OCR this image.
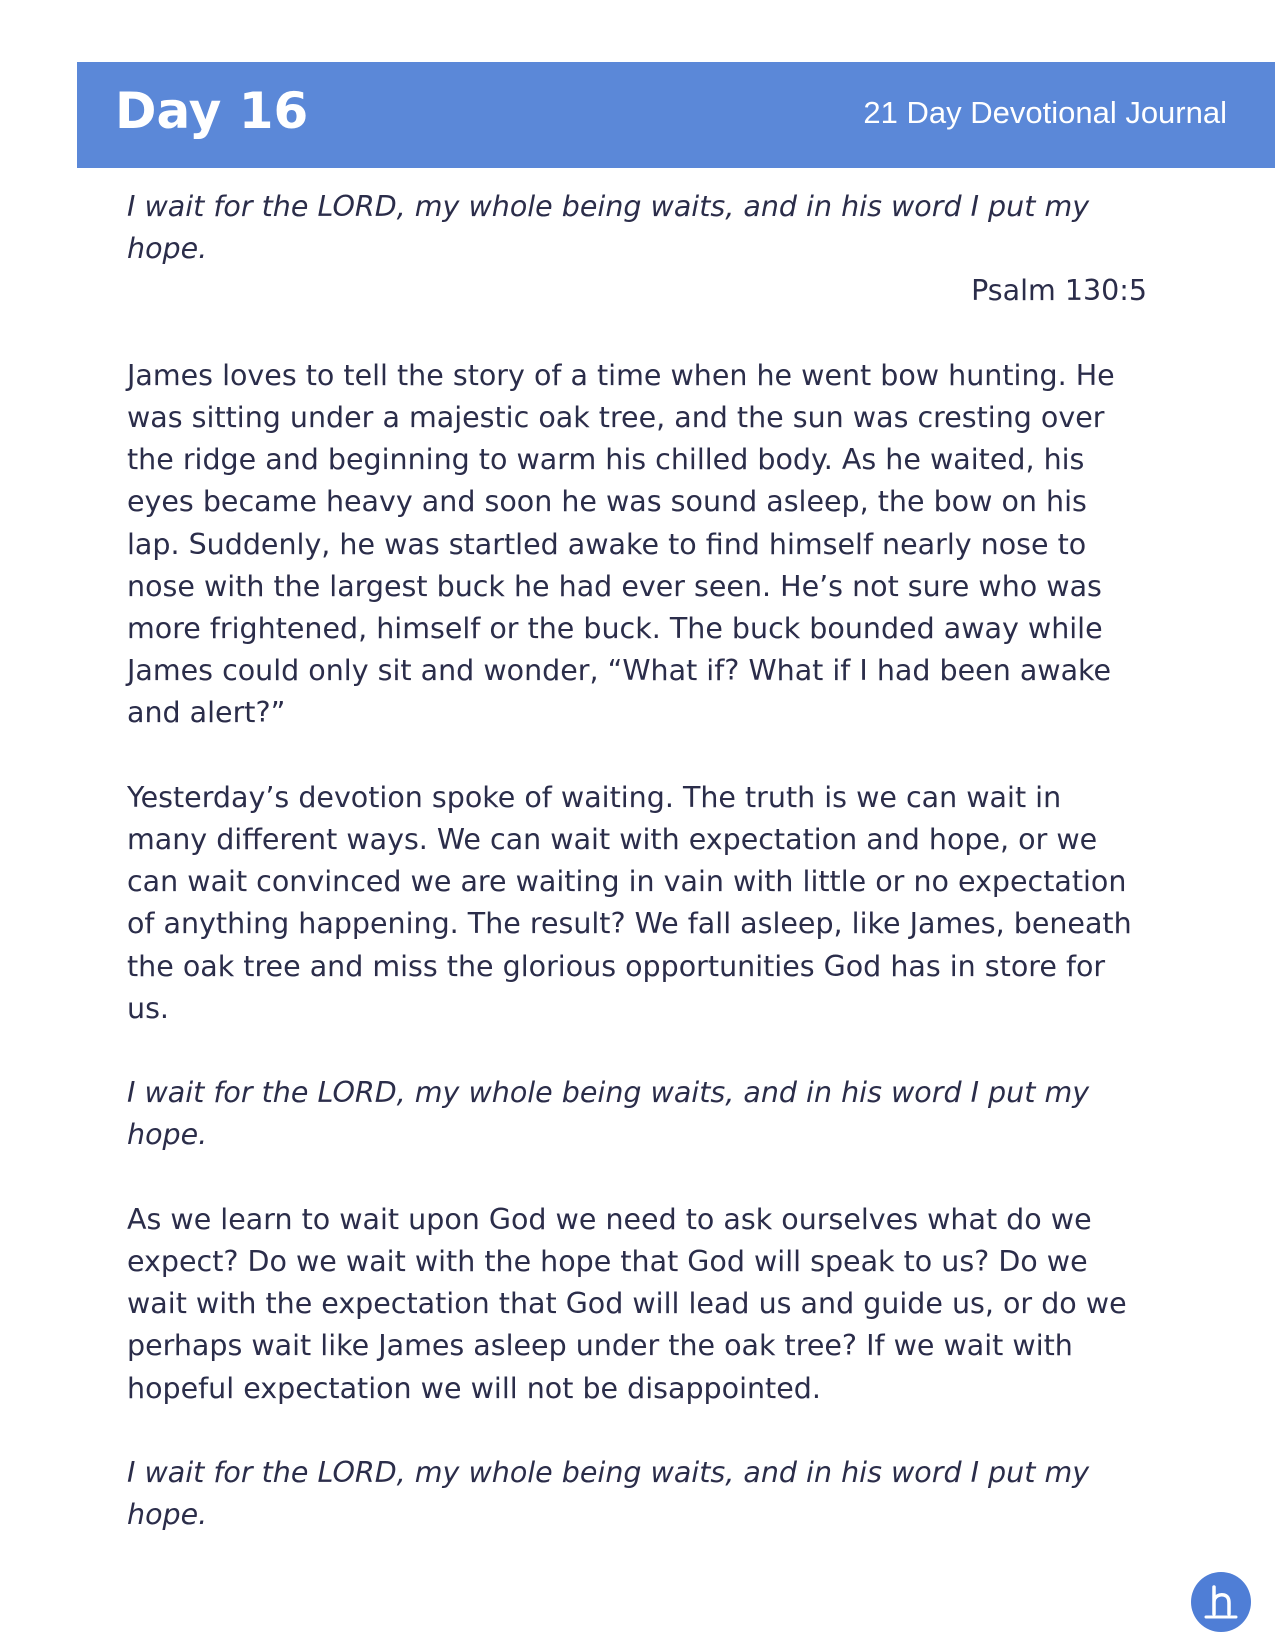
Day 16	21 Day Devotional Journal

I wait for the LORD, my whole being waits, and in his word I put my hope.

Psalm 130:5

James loves to tell the story of a time when he went bow hunting. He was sitting under a majestic oak tree, and the sun was cresting over the ridge and beginning to warm his chilled body. As he waited, his eyes became heavy and soon he was sound asleep, the bow on his lap. Suddenly, he was startled awake to find himself nearly nose to nose with the largest buck he had ever seen. He’s not sure who was more frightened, himself or the buck. The buck bounded away while James could only sit and wonder, “What if? What if I had been awake and alert?”

Yesterday’s devotion spoke of waiting. The truth is we can wait in many different ways. We can wait with expectation and hope, or we can wait convinced we are waiting in vain with little or no expectation of anything happening. The result? We fall asleep, like James, beneath the oak tree and miss the glorious opportunities God has in store for us.

I wait for the LORD, my whole being waits, and in his word I put my hope.

As we learn to wait upon God we need to ask ourselves what do we expect? Do we wait with the hope that God will speak to us? Do we wait with the expectation that God will lead us and guide us, or do we perhaps wait like James asleep under the oak tree? If we wait with hopeful expectation we will not be disappointed.

I wait for the LORD, my whole being waits, and in his word I put my hope.
